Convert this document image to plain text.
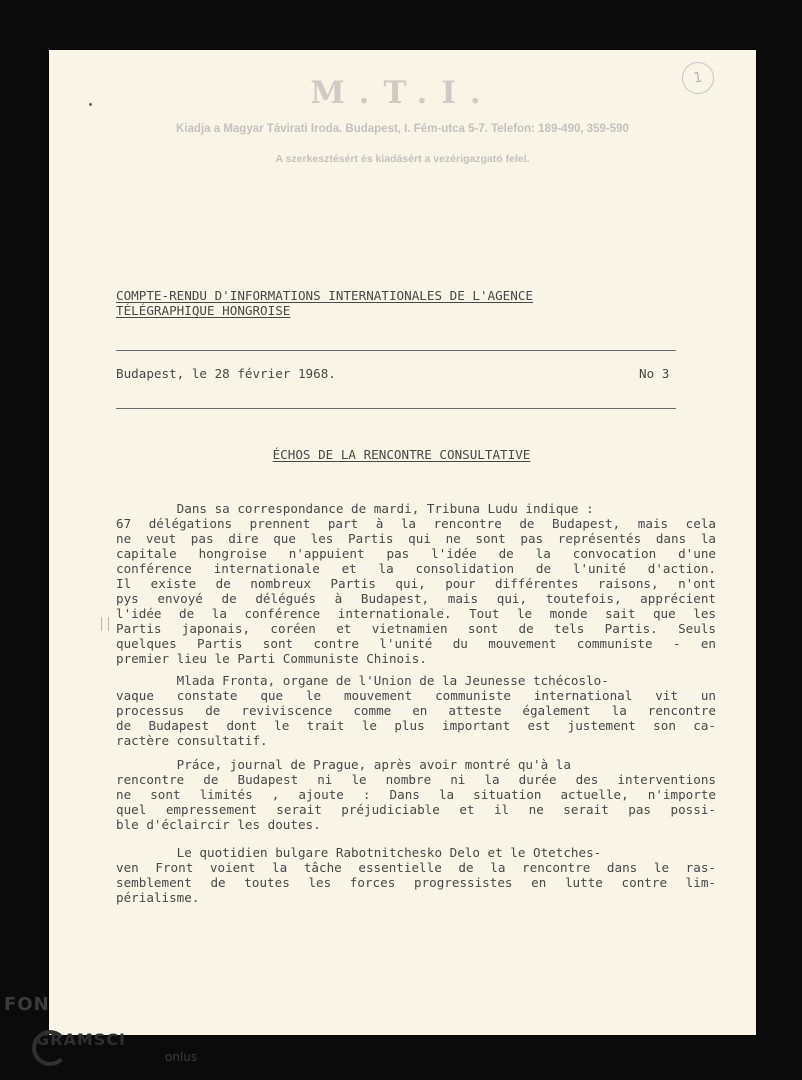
1
M.T.I.
Kiadja a Magyar Távirati Iroda. Budapest, I. Fém-utca 5-7. Telefon: 189-490, 359-590
A szerkesztésért és kiadásért a vezérigazgató felel.
COMPTE-RENDU D'INFORMATIONS INTERNATIONALES DE L'AGENCE
TÉLÉGRAPHIQUE HONGROISE
Budapest, le 28 février 1968.	No 3
ÉCHOS DE LA RENCONTRE CONSULTATIVE
Dans sa correspondance de mardi, Tribuna Ludu indique :
67 délégations prennent part à la rencontre de Budapest, mais cela
ne veut pas dire que les Partis qui ne sont pas représentés dans la
capitale hongroise n'appuient pas l'idée de la convocation d'une
conférence internationale et la consolidation de l'unité d'action.
Il existe de nombreux Partis qui, pour différentes raisons, n'ont
pys envoyé de délégués à Budapest, mais qui, toutefois, apprécient
l'idée de la conférence internationale. Tout le monde sait que les
Partis japonais, coréen et vietnamien sont de tels Partis. Seuls
quelques Partis sont contre l'unité du mouvement communiste - en
premier lieu le Parti Communiste Chinois.
Mlada Fronta, organe de l'Union de la Jeunesse tchécoslo-
vaque constate que le mouvement communiste international vit un
processus de reviviscence comme en atteste également la rencontre
de Budapest dont le trait le plus important est justement son ca-
ractère consultatif.
Práce, journal de Prague, après avoir montré qu'à la
rencontre de Budapest ni le nombre ni la durée des interventions
ne sont limités , ajoute : Dans la situation actuelle, n'importe
quel empressement serait préjudiciable et il ne serait pas possi-
ble d'éclaircir les doutes.
Le quotidien bulgare Rabotnitchesko Delo et le Otetches-
ven Front voient la tâche essentielle de la rencontre dans le ras-
semblement de toutes les forces progressistes en lutte contre lim-
périalisme.
FON
GRAMSCI
onlus
